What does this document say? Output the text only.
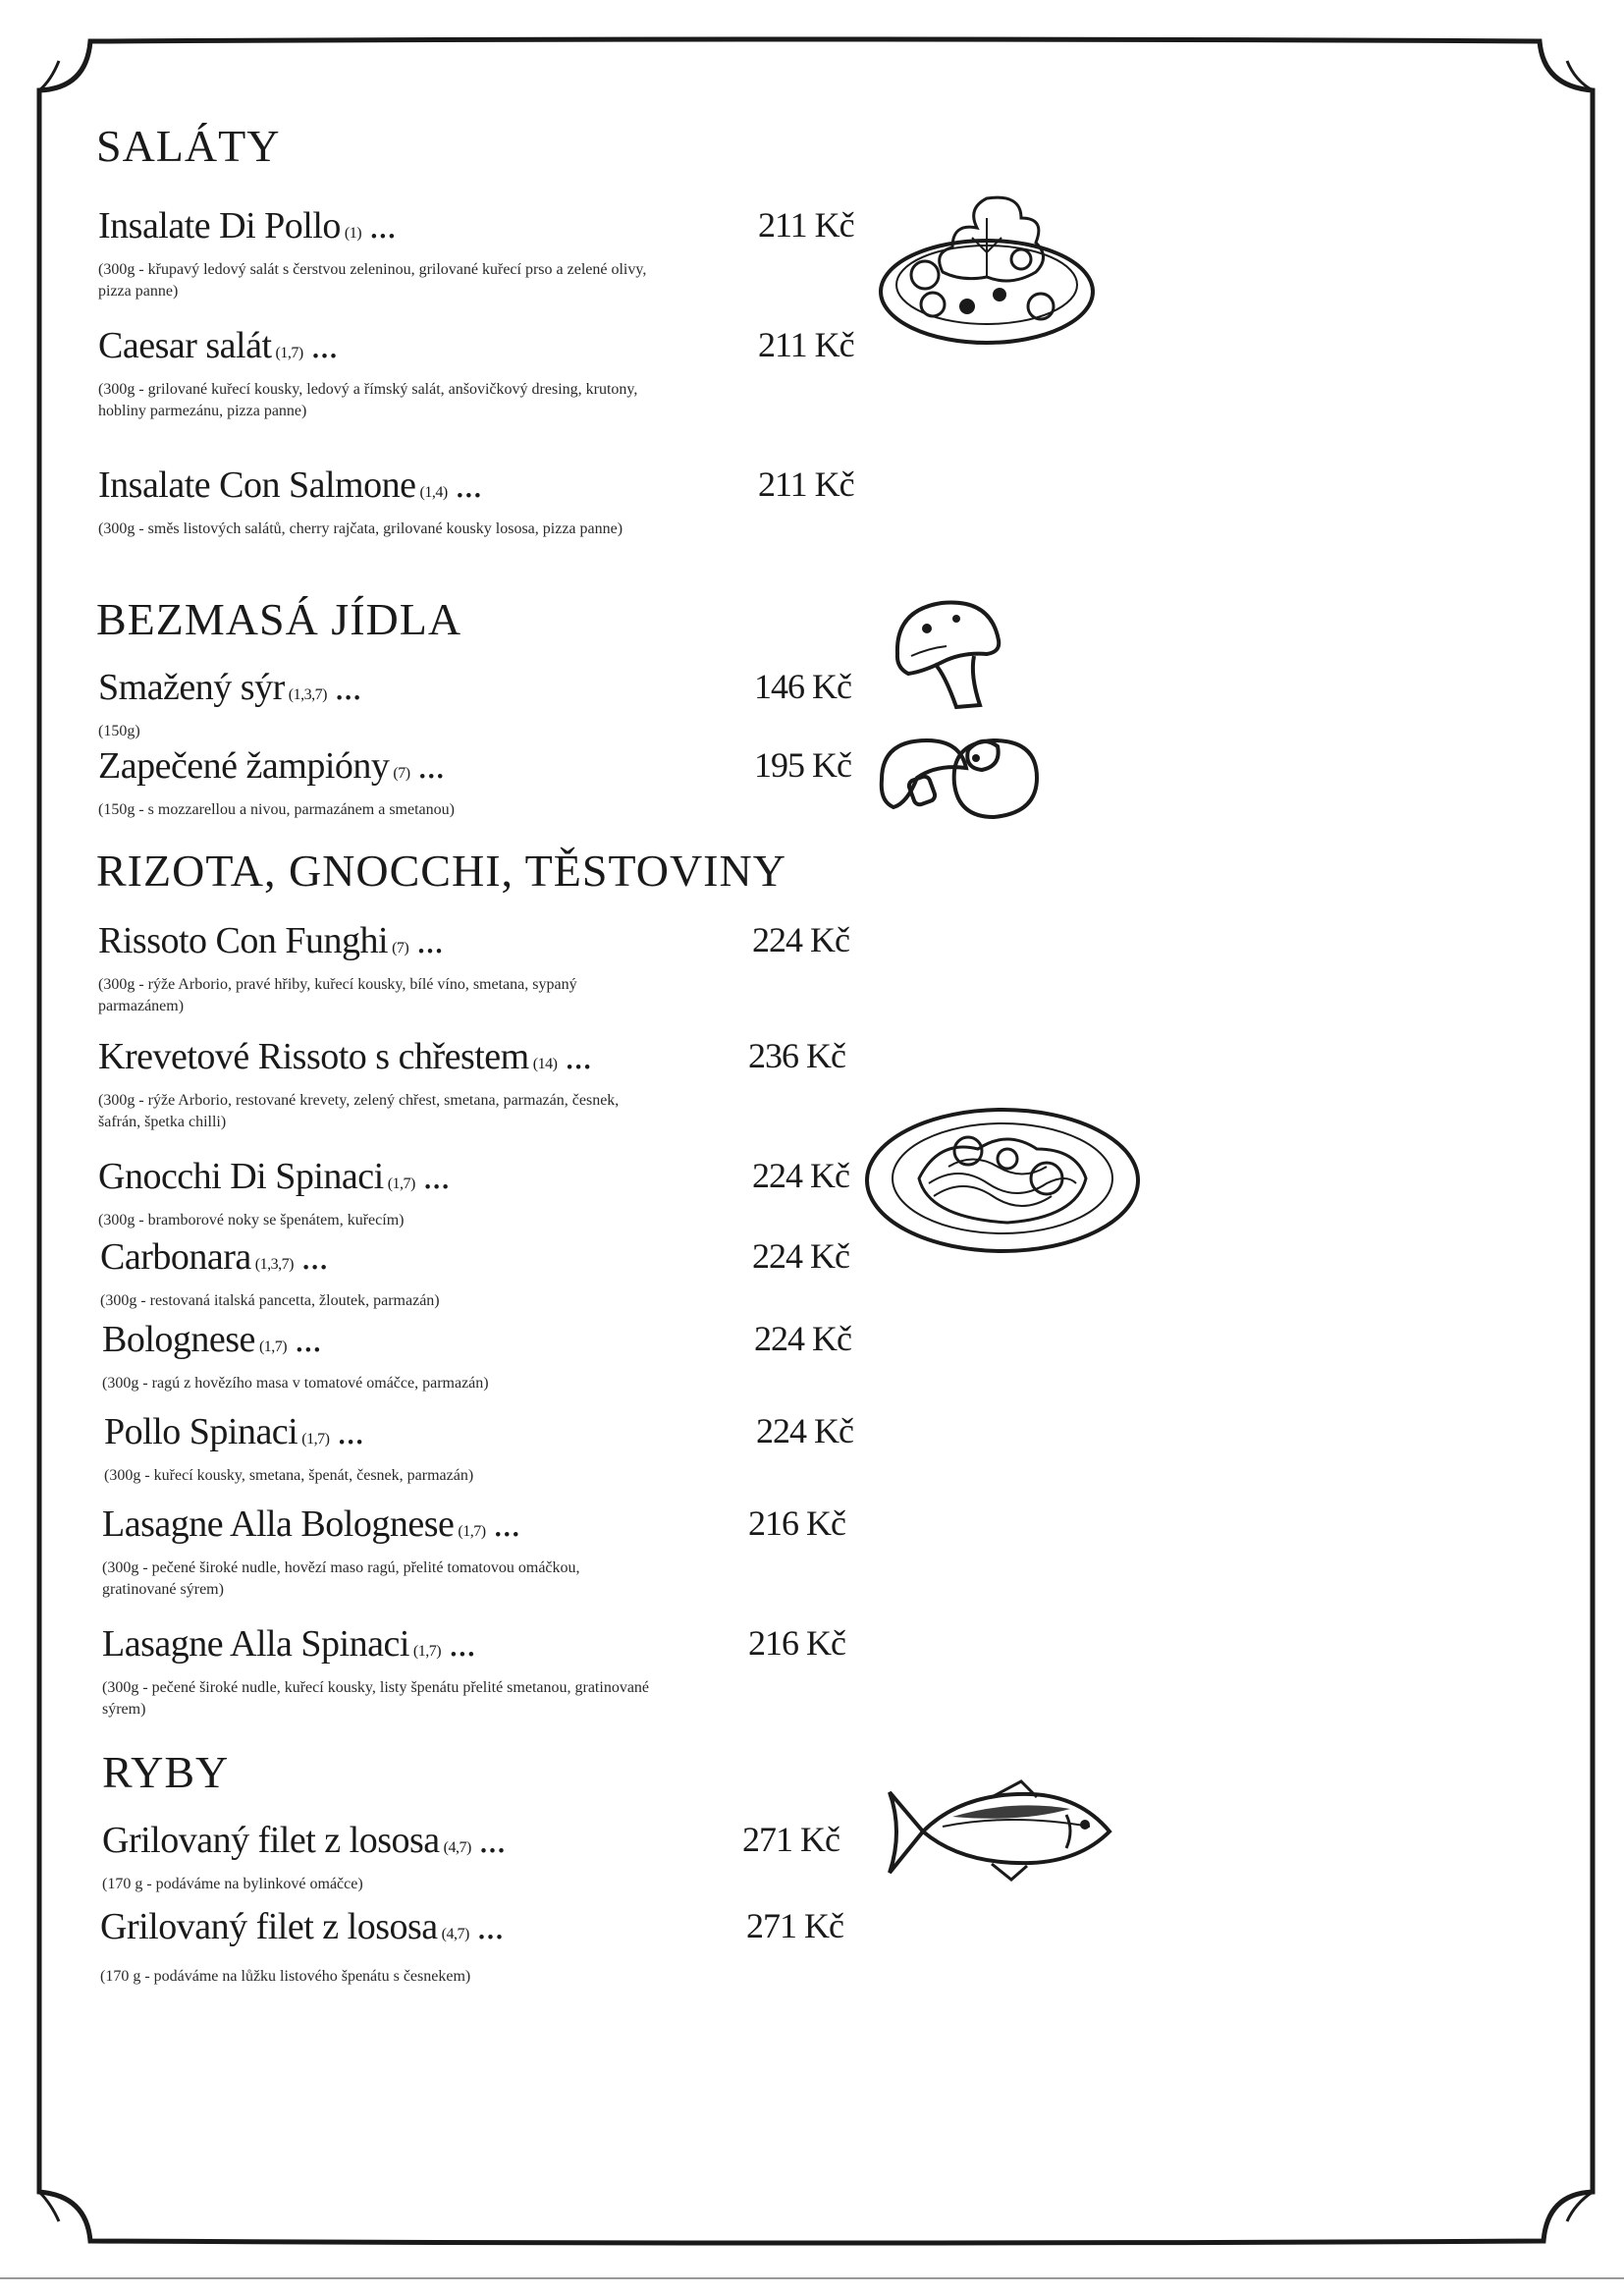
SALÁTY
Insalate Di Pollo (1) ...
(300g - křupavý ledový salát s čerstvou zeleninou, grilované kuřecí prso a zelené olivy, pizza panne)
211 Kč
Caesar salát (1,7) ...
(300g - grilované kuřecí kousky, ledový a římský salát, anšovičkový dresing, krutony, hobliny parmezánu, pizza panne)
211 Kč
Insalate Con Salmone (1,4) ...
(300g - směs listových salátů, cherry rajčata, grilované kousky lososa, pizza panne)
211 Kč
BEZMASÁ JÍDLA
Smažený sýr (1,3,7) ...
(150g)
146 Kč
Zapečené žampióny (7) ...
(150g - s mozzarellou a nivou, parmazánem a smetanou)
195 Kč
RIZOTA, GNOCCHI, TĚSTOVINY
Rissoto Con Funghi (7) ...
(300g - rýže Arborio, pravé hřiby, kuřecí kousky, bílé víno, smetana, sypaný parmazánem)
224 Kč
Krevetové Rissoto s chřestem (14) ...
(300g - rýže Arborio, restované krevety, zelený chřest, smetana, parmazán, česnek, šafrán, špetka chilli)
236 Kč
Gnocchi Di Spinaci (1,7) ...
(300g - bramborové noky se špenátem, kuřecím)
224 Kč
Carbonara (1,3,7) ...
(300g - restovaná italská pancetta, žloutek, parmazán)
224 Kč
Bolognese (1,7) ...
(300g - ragú z hovězího masa v tomatové omáčce, parmazán)
224 Kč
Pollo Spinaci (1,7) ...
(300g - kuřecí kousky, smetana, špenát, česnek, parmazán)
224 Kč
Lasagne Alla Bolognese (1,7) ...
(300g - pečené široké nudle, hovězí maso ragú, přelité tomatovou omáčkou, gratinované sýrem)
216 Kč
Lasagne Alla Spinaci (1,7) ...
(300g - pečené široké nudle, kuřecí kousky, listy špenátu přelité smetanou, gratinované sýrem)
216 Kč
RYBY
Grilovaný filet z lososa (4,7) ...
(170 g - podáváme na bylinkové omáčce)
271 Kč
Grilovaný filet z lososa (4,7) ...
(170 g - podáváme na lůžku listového špenátu s česnekem)
271 Kč
